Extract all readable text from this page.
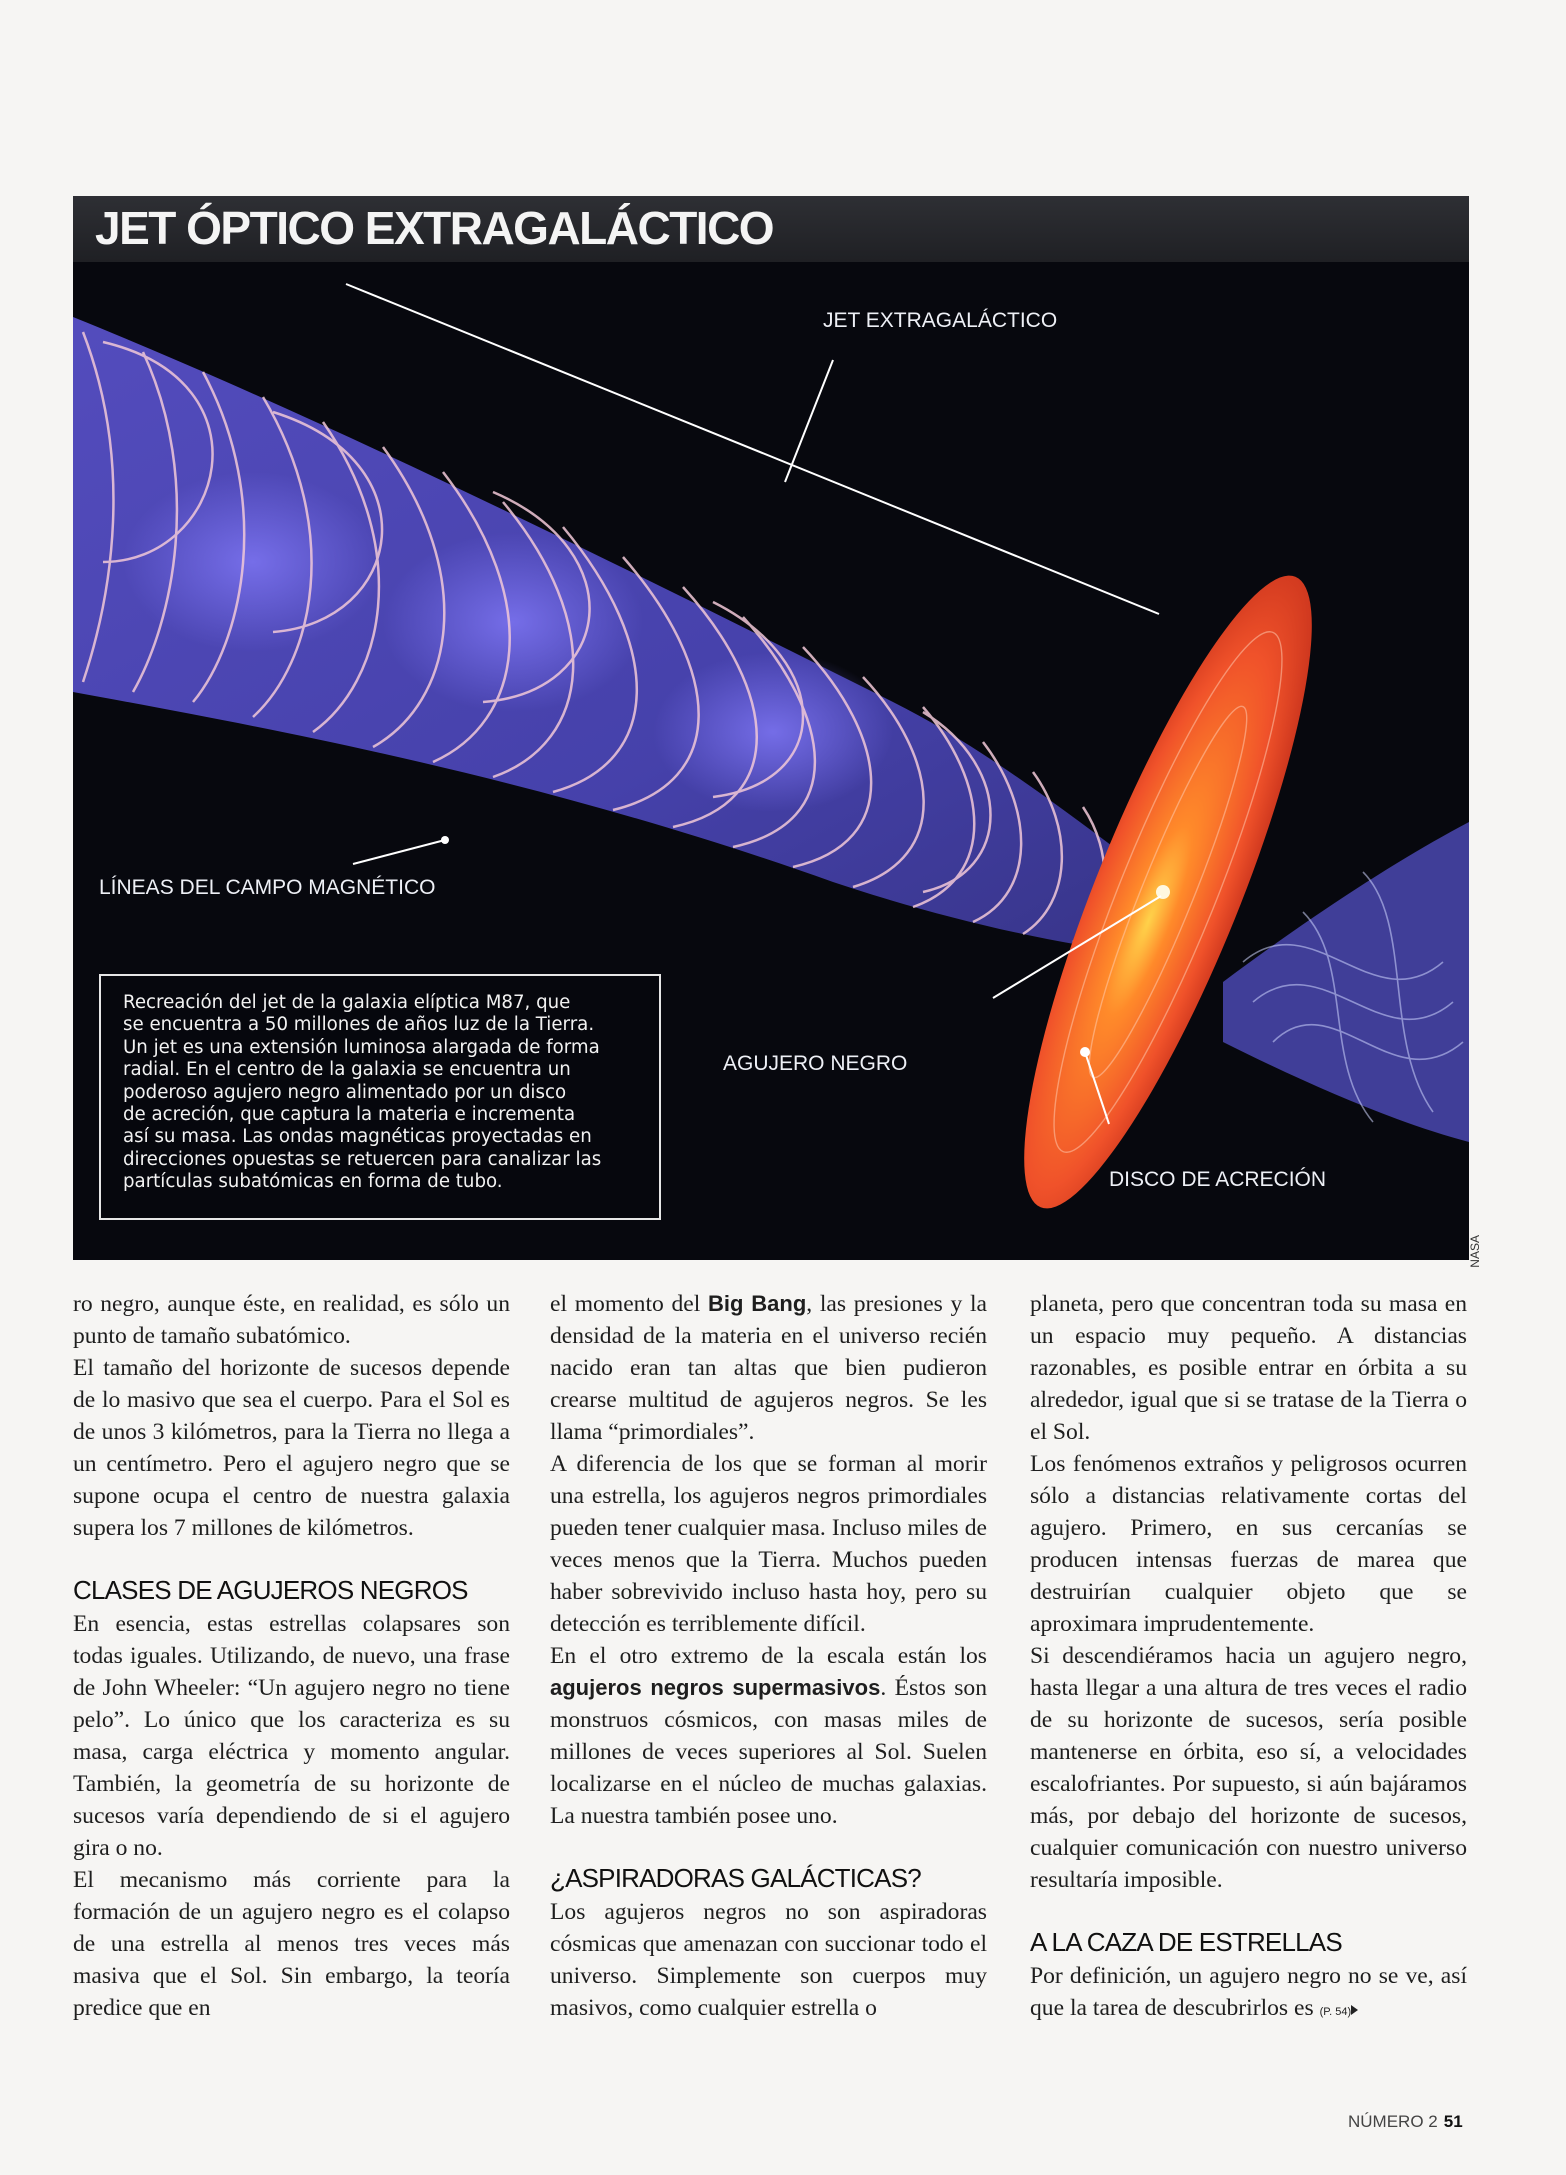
JET ÓPTICO EXTRAGALÁCTICO
JET EXTRAGALÁCTICO
LÍNEAS DEL CAMPO MAGNÉTICO
AGUJERO NEGRO
DISCO DE ACRECIÓN
Recreación del jet de la galaxia elíptica M87, que
se encuentra a 50 millones de años luz de la Tierra.
Un jet es una extensión luminosa alargada de forma
radial. En el centro de la galaxia se encuentra un
poderoso agujero negro alimentado por un disco
de acreción, que captura la materia e incrementa
así su masa. Las ondas magnéticas proyectadas en
direcciones opuestas se retuercen para canalizar las
partículas subatómicas en forma de tubo.
NASA

ro negro, aunque éste, en realidad, es sólo un punto de tamaño subatómico.

El tamaño del horizonte de sucesos depende de lo masivo que sea el cuerpo. Para el Sol es de unos 3 kilómetros, para la Tierra no llega a un centímetro. Pero el agujero negro que se supone ocupa el centro de nuestra galaxia supera los 7 millones de kilómetros.

CLASES DE AGUJEROS NEGROS

En esencia, estas estrellas colapsares son todas iguales. Utilizando, de nuevo, una frase de John Wheeler: “Un agujero negro no tiene pelo”. Lo único que los caracteriza es su masa, carga eléctrica y momento angular. También, la geometría de su horizonte de sucesos varía dependiendo de si el agujero gira o no.

El mecanismo más corriente para la formación de un agujero negro es el colapso de una estrella al menos tres veces más masiva que el Sol. Sin embargo, la teoría predice que en

el momento del Big Bang, las presiones y la densidad de la materia en el universo recién nacido eran tan altas que bien pudieron crearse multitud de agujeros negros. Se les llama “primordiales”.

A diferencia de los que se forman al morir una estrella, los agujeros negros primordiales pueden tener cualquier masa. Incluso miles de veces menos que la Tierra. Muchos pueden haber sobrevivido incluso hasta hoy, pero su detección es terriblemente difícil.

En el otro extremo de la escala están los agujeros negros supermasivos. Éstos son monstruos cósmicos, con masas miles de millones de veces superiores al Sol. Suelen localizarse en el núcleo de muchas galaxias. La nuestra también posee uno.

¿ASPIRADORAS GALÁCTICAS?

Los agujeros negros no son aspiradoras cósmicas que amenazan con succionar todo el universo. Simplemente son cuerpos muy masivos, como cualquier estrella o

planeta, pero que concentran toda su masa en un espacio muy pequeño. A distancias razonables, es posible entrar en órbita a su alrededor, igual que si se tratase de la Tierra o el Sol.

Los fenómenos extraños y peligrosos ocurren sólo a distancias relativamente cortas del agujero. Primero, en sus cercanías se producen intensas fuerzas de marea que destruirían cualquier objeto que se aproximara imprudentemente.

Si descendiéramos hacia un agujero negro, hasta llegar a una altura de tres veces el radio de su horizonte de sucesos, sería posible mantenerse en órbita, eso sí, a velocidades escalofriantes. Por supuesto, si aún bajáramos más, por debajo del horizonte de sucesos, cualquier comunicación con nuestro universo resultaría imposible.

A LA CAZA DE ESTRELLAS

Por definición, un agujero negro no se ve, así que la tarea de descubrirlos es (P. 54)

NÚMERO 2 51
